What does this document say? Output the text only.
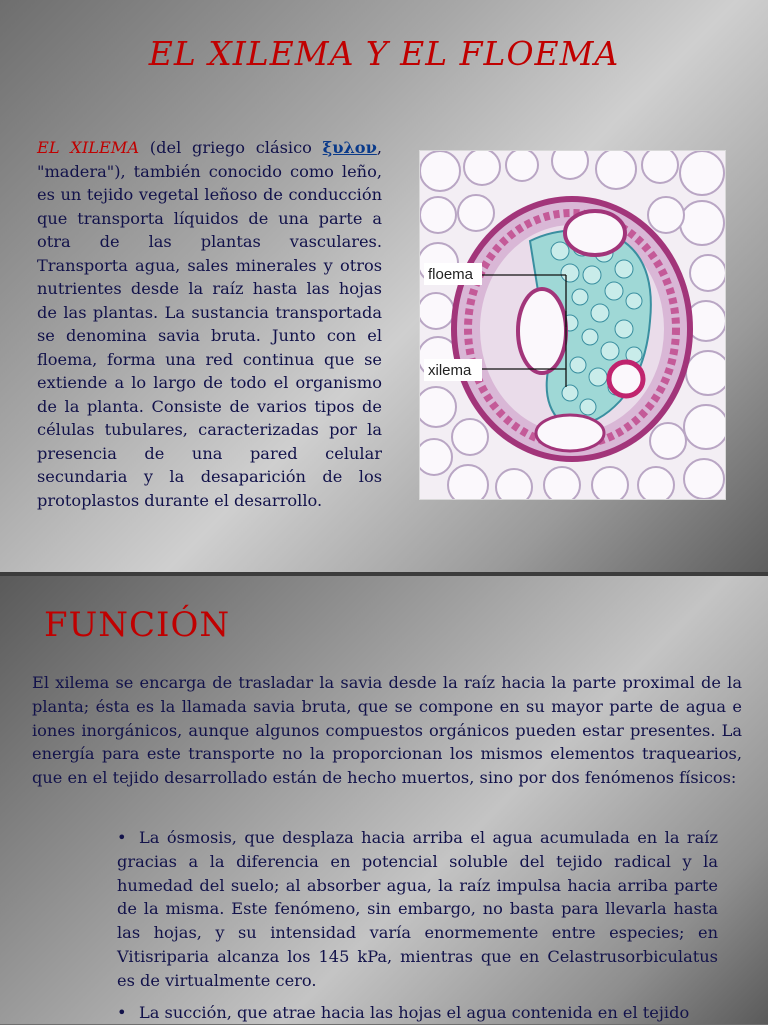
EL XILEMA Y EL FLOEMA
EL XILEMA (del griego clásico ξυλον, "madera"), también conocido como leño, es un tejido vegetal leñoso de conducción que transporta líquidos de una parte a otra de las plantas vasculares. Transporta agua, sales minerales y otros nutrientes desde la raíz hasta las hojas de las plantas. La sustancia transportada se denomina savia bruta. Junto con el floema, forma una red continua que se extiende a lo largo de todo el organismo de la planta. Consiste de varios tipos de células tubulares, caracterizadas por la presencia de una pared celular secundaria y la desaparición de los protoplastos durante el desarrollo.
floema
xilema
FUNCIÓN
El xilema se encarga de trasladar la savia desde la raíz hacia la parte proximal de la planta; ésta es la llamada savia bruta, que se compone en su mayor parte de agua e iones inorgánicos, aunque algunos compuestos orgánicos pueden estar presentes. La energía para este transporte no la proporcionan los mismos elementos traquearios, que en el tejido desarrollado están de hecho muertos, sino por dos fenómenos físicos:
• La ósmosis, que desplaza hacia arriba el agua acumulada en la raíz gracias a la diferencia en potencial soluble del tejido radical y la humedad del suelo; al absorber agua, la raíz impulsa hacia arriba parte de la misma. Este fenómeno, sin embargo, no basta para llevarla hasta las hojas, y su intensidad varía enormemente entre especies; en Vitisriparia alcanza los 145 kPa, mientras que en Celastrusorbiculatus es de virtualmente cero.
• La succión, que atrae hacia las hojas el agua contenida en el tejido
